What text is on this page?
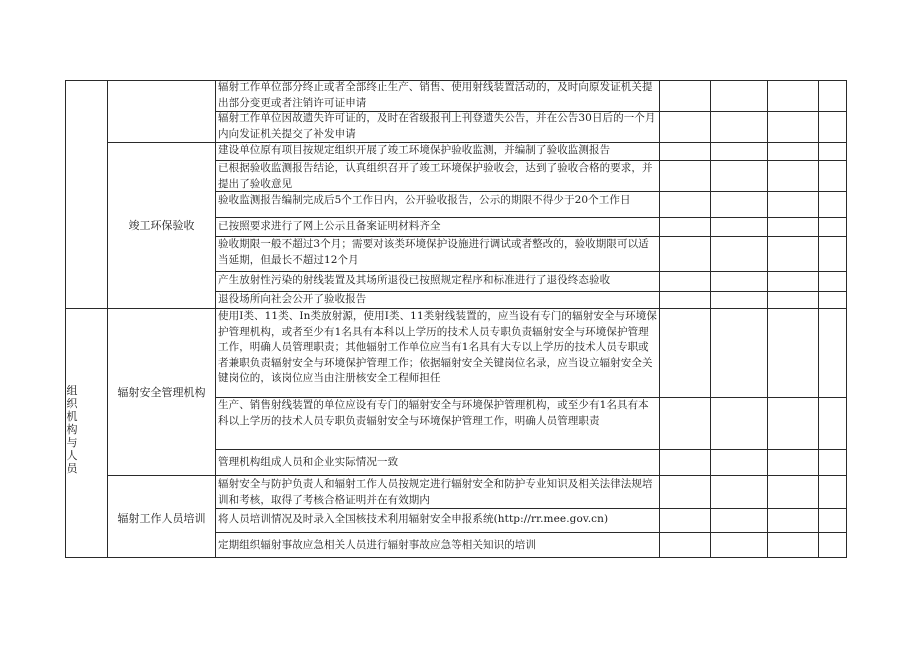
组织机构与人员
竣工环保验收
辐射安全管理机构
辐射工作人员培训
辐射工作单位部分终止或者全部终止生产、销售、使用射线装置活动的，及时向原发证机关提出部分变更或者注销许可证申请
辐射工作单位因故遗失许可证的，及时在省级报刊上刊登遗失公告，并在公告30日后的一个月内向发证机关提交了补发申请
建设单位原有项目按规定组织开展了竣工环境保护验收监测，并编制了验收监测报告
已根据验收监测报告结论，认真组织召开了竣工环境保护验收会，达到了验收合格的要求，并提出了验收意见
验收监测报告编制完成后5个工作日内，公开验收报告，公示的期限不得少于20个工作日
已按照要求进行了网上公示且备案证明材料齐全
验收期限一般不超过3个月；需要对该类环境保护设施进行调试或者整改的，验收期限可以适当延期，但最长不超过12个月
产生放射性污染的射线装置及其场所退役已按照规定程序和标准进行了退役终态验收
退役场所向社会公开了验收报告
使用I类、11类、In类放射源，使用I类、11类射线装置的，应当设有专门的辐射安全与环境保护管理机构，或者至少有1名具有本科以上学历的技术人员专职负责辐射安全与环境保护管理工作，明确人员管理职责；其他辐射工作单位应当有1名具有大专以上学历的技术人员专职或者兼职负责辐射安全与环境保护管理工作；依据辐射安全关键岗位名录，应当设立辐射安全关键岗位的，该岗位应当由注册核安全工程师担任
生产、销售射线装置的单位应设有专门的辐射安全与环境保护管理机构，或至少有1名具有本科以上学历的技术人员专职负责辐射安全与环境保护管理工作，明确人员管理职责
管理机构组成人员和企业实际情况一致
辐射安全与防护负责人和辐射工作人员按规定进行辐射安全和防护专业知识及相关法律法规培训和考核，取得了考核合格证明并在有效期内
将人员培训情况及时录入全国核技术利用辐射安全申报系统(http://rr.mee.gov.cn)
定期组织辐射事故应急相关人员进行辐射事故应急等相关知识的培训
